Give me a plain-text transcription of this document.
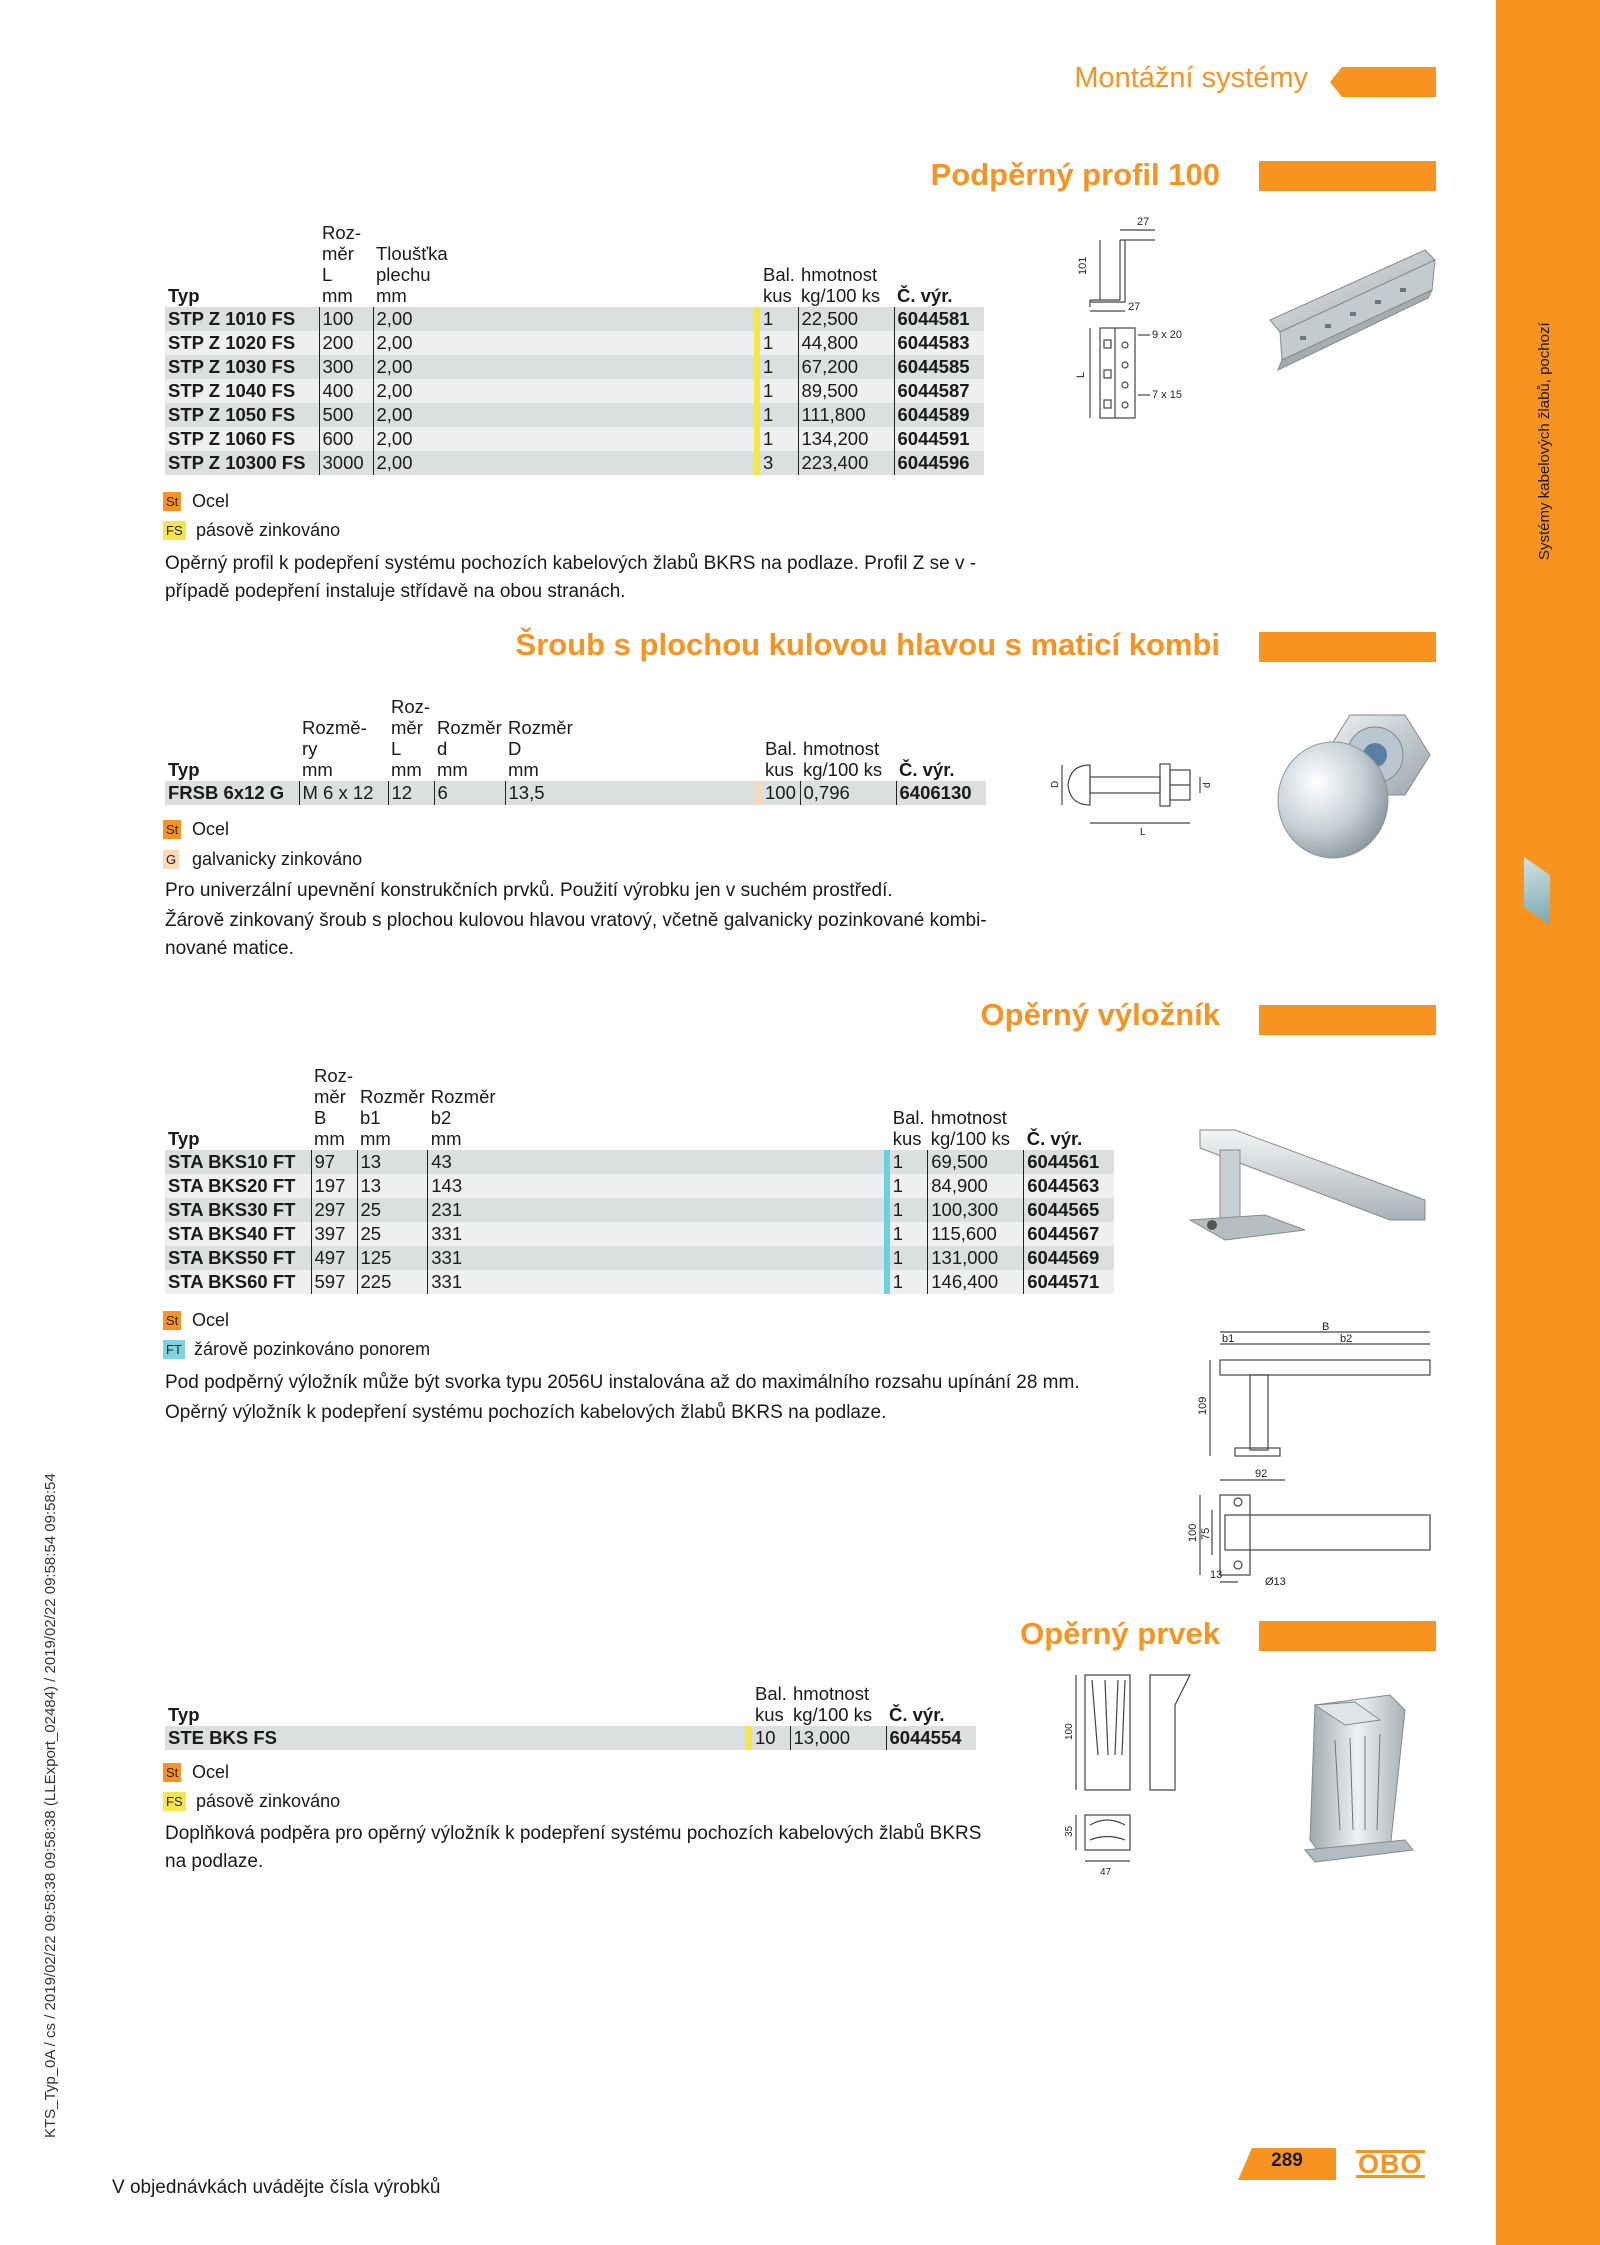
Systémy kabelových žlabů, pochozí
KTS_Typ_0A / cs / 2019/02/22 09:58:38 09:58:38 (LLExport_02484) / 2019/02/22 09:58:54 09:58:54
Montážní systémy
Podpěrný profil 100
Typ	Roz-
měr
L
mm	Tloušťka
plechu
mm		Bal.
kus	hmotnost
kg/100 ks	Č. výr.
STP Z 1010 FS	100	2,00		1	22,500	6044581
STP Z 1020 FS	200	2,00		1	44,800	6044583
STP Z 1030 FS	300	2,00		1	67,200	6044585
STP Z 1040 FS	400	2,00		1	89,500	6044587
STP Z 1050 FS	500	2,00		1	111,800	6044589
STP Z 1060 FS	600	2,00		1	134,200	6044591
STP Z 10300 FS	3000	2,00		3	223,400	6044596
St Ocel
FS pásově zinkováno
Opěrný profil k podepření systému pochozích kabelových žlabů BKRS na podlaze. Profil Z se v -
případě podepření instaluje střídavě na obou stranách.
27
101
27
9 x 20
L
7 x 15
Šroub s plochou kulovou hlavou s maticí kombi
Typ	Rozmě-
ry
mm	Roz-
měr
L
mm	Rozměr
d
mm	Rozměr
D
mm		Bal.
kus	hmotnost
kg/100 ks	Č. výr.
FRSB 6x12 G	M 6 x 12	12	6	13,5		100	0,796	6406130
St Ocel
G galvanicky zinkováno
Pro univerzální upevnění konstrukčních prvků. Použití výrobku jen v suchém prostředí.
Žárově zinkovaný šroub s plochou kulovou hlavou vratový, včetně galvanicky pozinkované kombi-
nované matice.
D	d
L
Opěrný výložník
Typ	Roz-
měr
B
mm	Rozměr
b1
mm	Rozměr
b2
mm		Bal.
kus	hmotnost
kg/100 ks	Č. výr.
STA BKS10 FT	97	13	43		1	69,500	6044561
STA BKS20 FT	197	13	143		1	84,900	6044563
STA BKS30 FT	297	25	231		1	100,300	6044565
STA BKS40 FT	397	25	331		1	115,600	6044567
STA BKS50 FT	497	125	331		1	131,000	6044569
STA BKS60 FT	597	225	331		1	146,400	6044571
St Ocel
FT žárově pozinkováno ponorem
Pod podpěrný výložník může být svorka typu 2056U instalována až do maximálního rozsahu upínání 28 mm.
Opěrný výložník k podepření systému pochozích kabelových žlabů BKRS na podlaze.
B
b1	b2
109
92
100 75
13
Ø13
Opěrný prvek
Typ		Bal.
kus	hmotnost
kg/100 ks	Č. výr.
STE BKS FS		10	13,000	6044554
St Ocel
FS pásově zinkováno
Doplňková podpěra pro opěrný výložník k podepření systému pochozích kabelových žlabů BKRS
na podlaze.
100
35
47
V objednávkách uvádějte čísla výrobků
289	OBO
